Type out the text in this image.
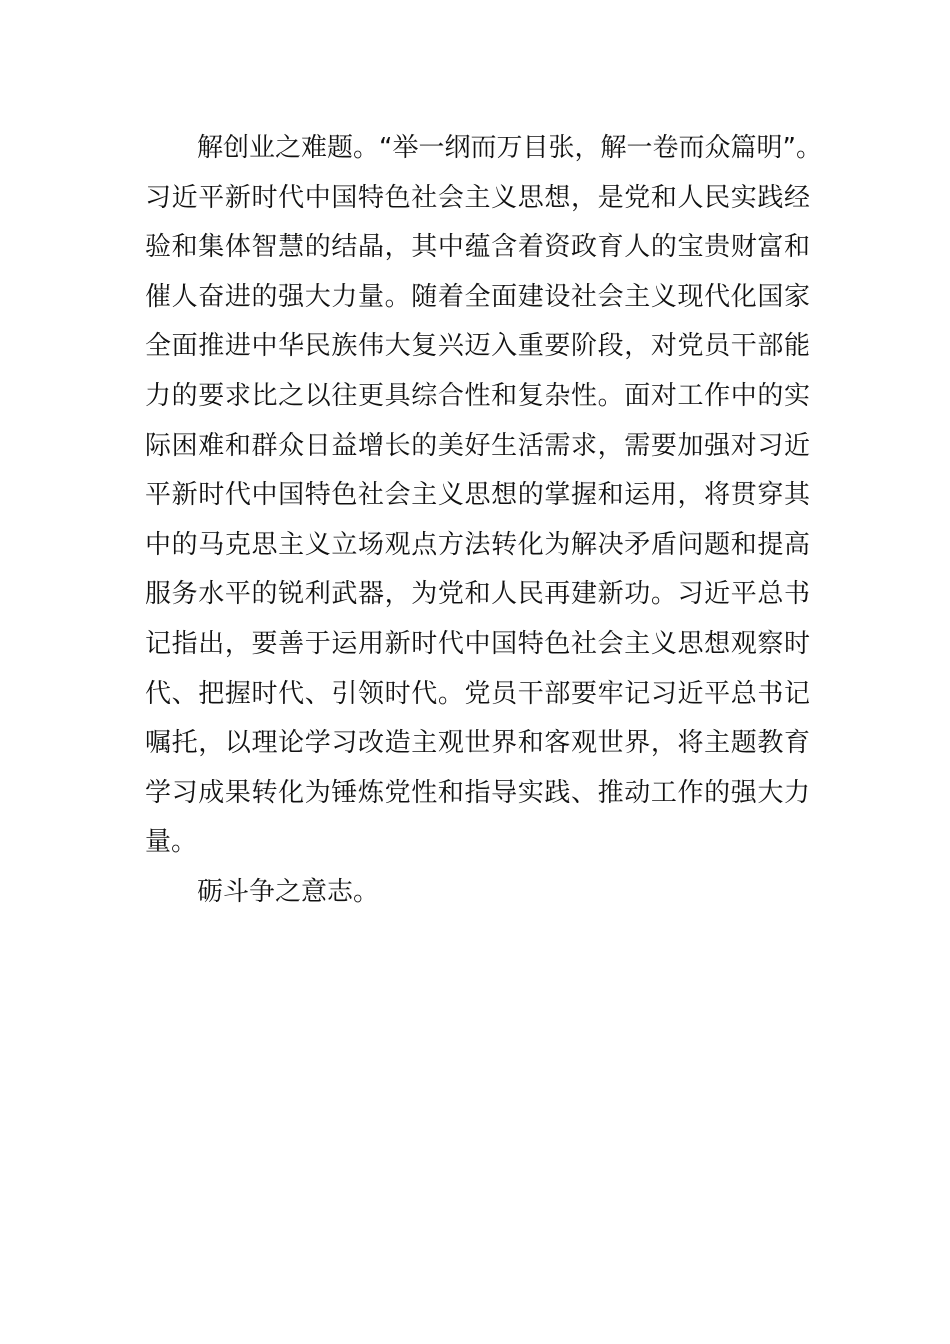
解创业之难题。“举一纲而万目张，解一卷而众篇明”。
习近平新时代中国特色社会主义思想，是党和人民实践经
验和集体智慧的结晶，其中蕴含着资政育人的宝贵财富和
催人奋进的强大力量。随着全面建设社会主义现代化国家
全面推进中华民族伟大复兴迈入重要阶段，对党员干部能
力的要求比之以往更具综合性和复杂性。面对工作中的实
际困难和群众日益增长的美好生活需求，需要加强对习近
平新时代中国特色社会主义思想的掌握和运用，将贯穿其
中的马克思主义立场观点方法转化为解决矛盾问题和提高
服务水平的锐利武器，为党和人民再建新功。习近平总书
记指出，要善于运用新时代中国特色社会主义思想观察时
代、把握时代、引领时代。党员干部要牢记习近平总书记
嘱托，以理论学习改造主观世界和客观世界，将主题教育
学习成果转化为锤炼党性和指导实践、推动工作的强大力
量。
砺斗争之意志。
